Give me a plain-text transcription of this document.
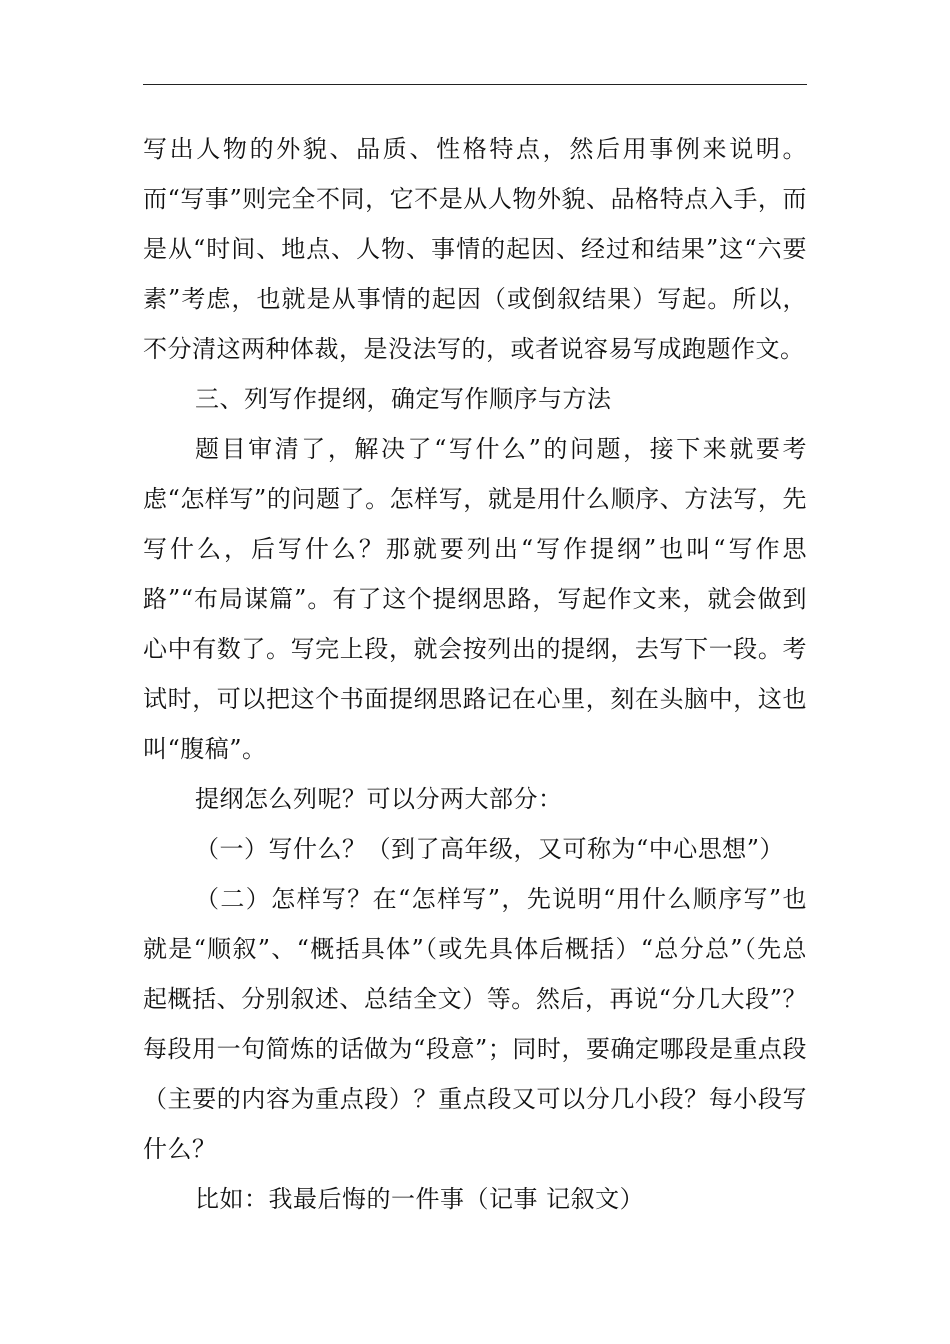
写出人物的外貌、品质、性格特点，然后用事例来说明。而“写事”则完全不同，它不是从人物外貌、品格特点入手，而是从“时间、地点、人物、事情的起因、经过和结果”这“六要素”考虑，也就是从事情的起因（或倒叙结果）写起。所以，不分清这两种体裁，是没法写的，或者说容易写成跑题作文。

三、列写作提纲，确定写作顺序与方法

题目审清了，解决了“写什么”的问题，接下来就要考虑“怎样写”的问题了。怎样写，就是用什么顺序、方法写，先写什么，后写什么？那就要列出“写作提纲”也叫“写作思路”“布局谋篇”。有了这个提纲思路，写起作文来，就会做到心中有数了。写完上段，就会按列出的提纲，去写下一段。考试时，可以把这个书面提纲思路记在心里，刻在头脑中，这也叫“腹稿”。

提纲怎么列呢？可以分两大部分：

（一）写什么？（到了高年级，又可称为“中心思想”）

（二）怎样写？在“怎样写”，先说明“用什么顺序写”也就是“顺叙”、“概括具体”（或先具体后概括）“总分总”（先总起概括、分别叙述、总结全文）等。然后，再说“分几大段”？每段用一句简炼的话做为“段意”；同时，要确定哪段是重点段（主要的内容为重点段）？重点段又可以分几小段？每小段写什么？

比如：我最后悔的一件事（记事 记叙文）
